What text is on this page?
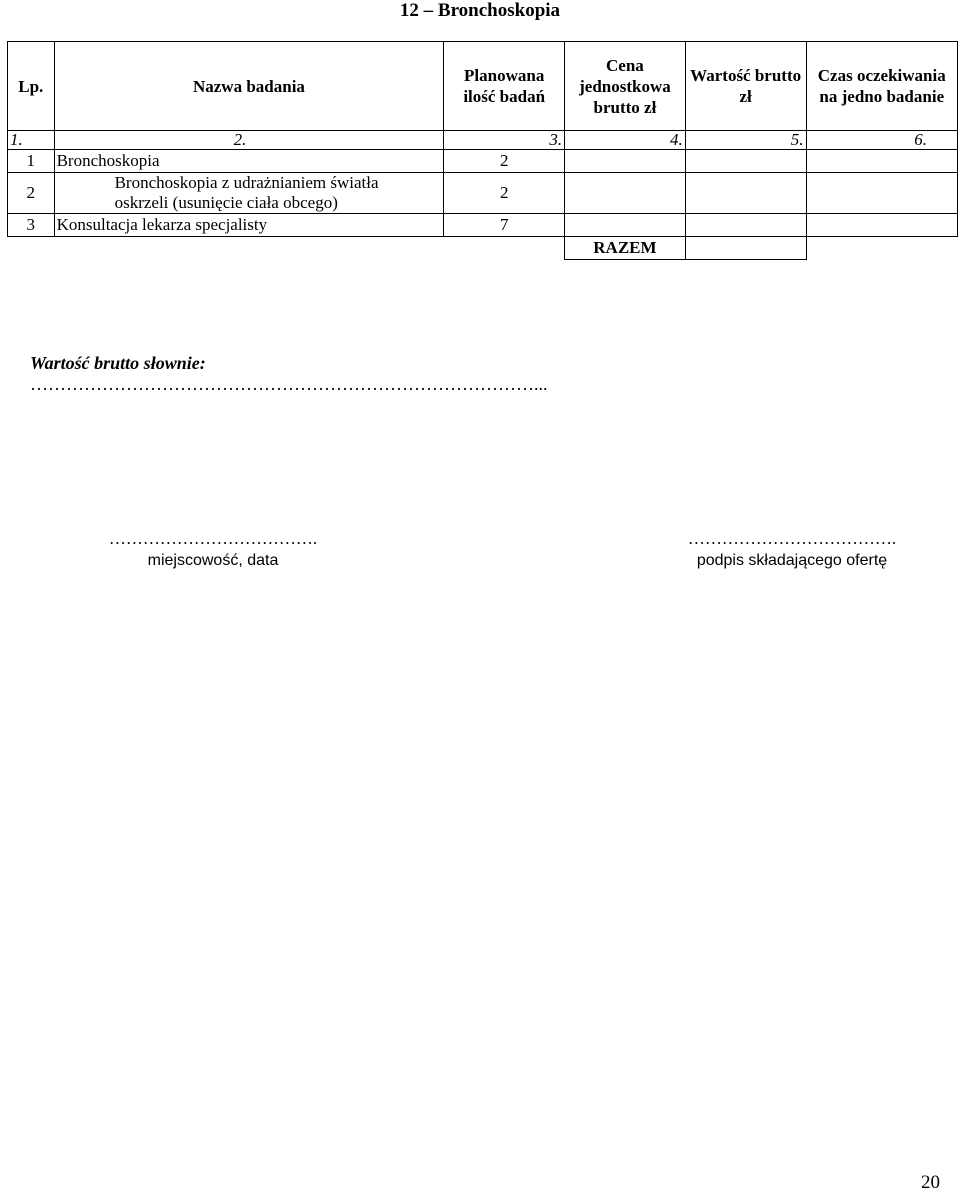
12 – Bronchoskopia
Lp.	Nazwa badania	Planowana ilość badań	Cena jednostkowa brutto zł	Wartość brutto zł	Czas oczekiwania na jedno badanie
1.	2.	3.	4.	5.	6.
1	Bronchoskopia	2			
2	Bronchoskopia z udrażnianiem światła oskrzeli (usunięcie ciała obcego)	2			
3	Konsultacja lekarza specjalisty	7			
			RAZEM		
Wartość brutto słownie:
…………………………………………………………………………...
……………………………….
miejscowość, data
……………………………….
podpis składającego ofertę
20
